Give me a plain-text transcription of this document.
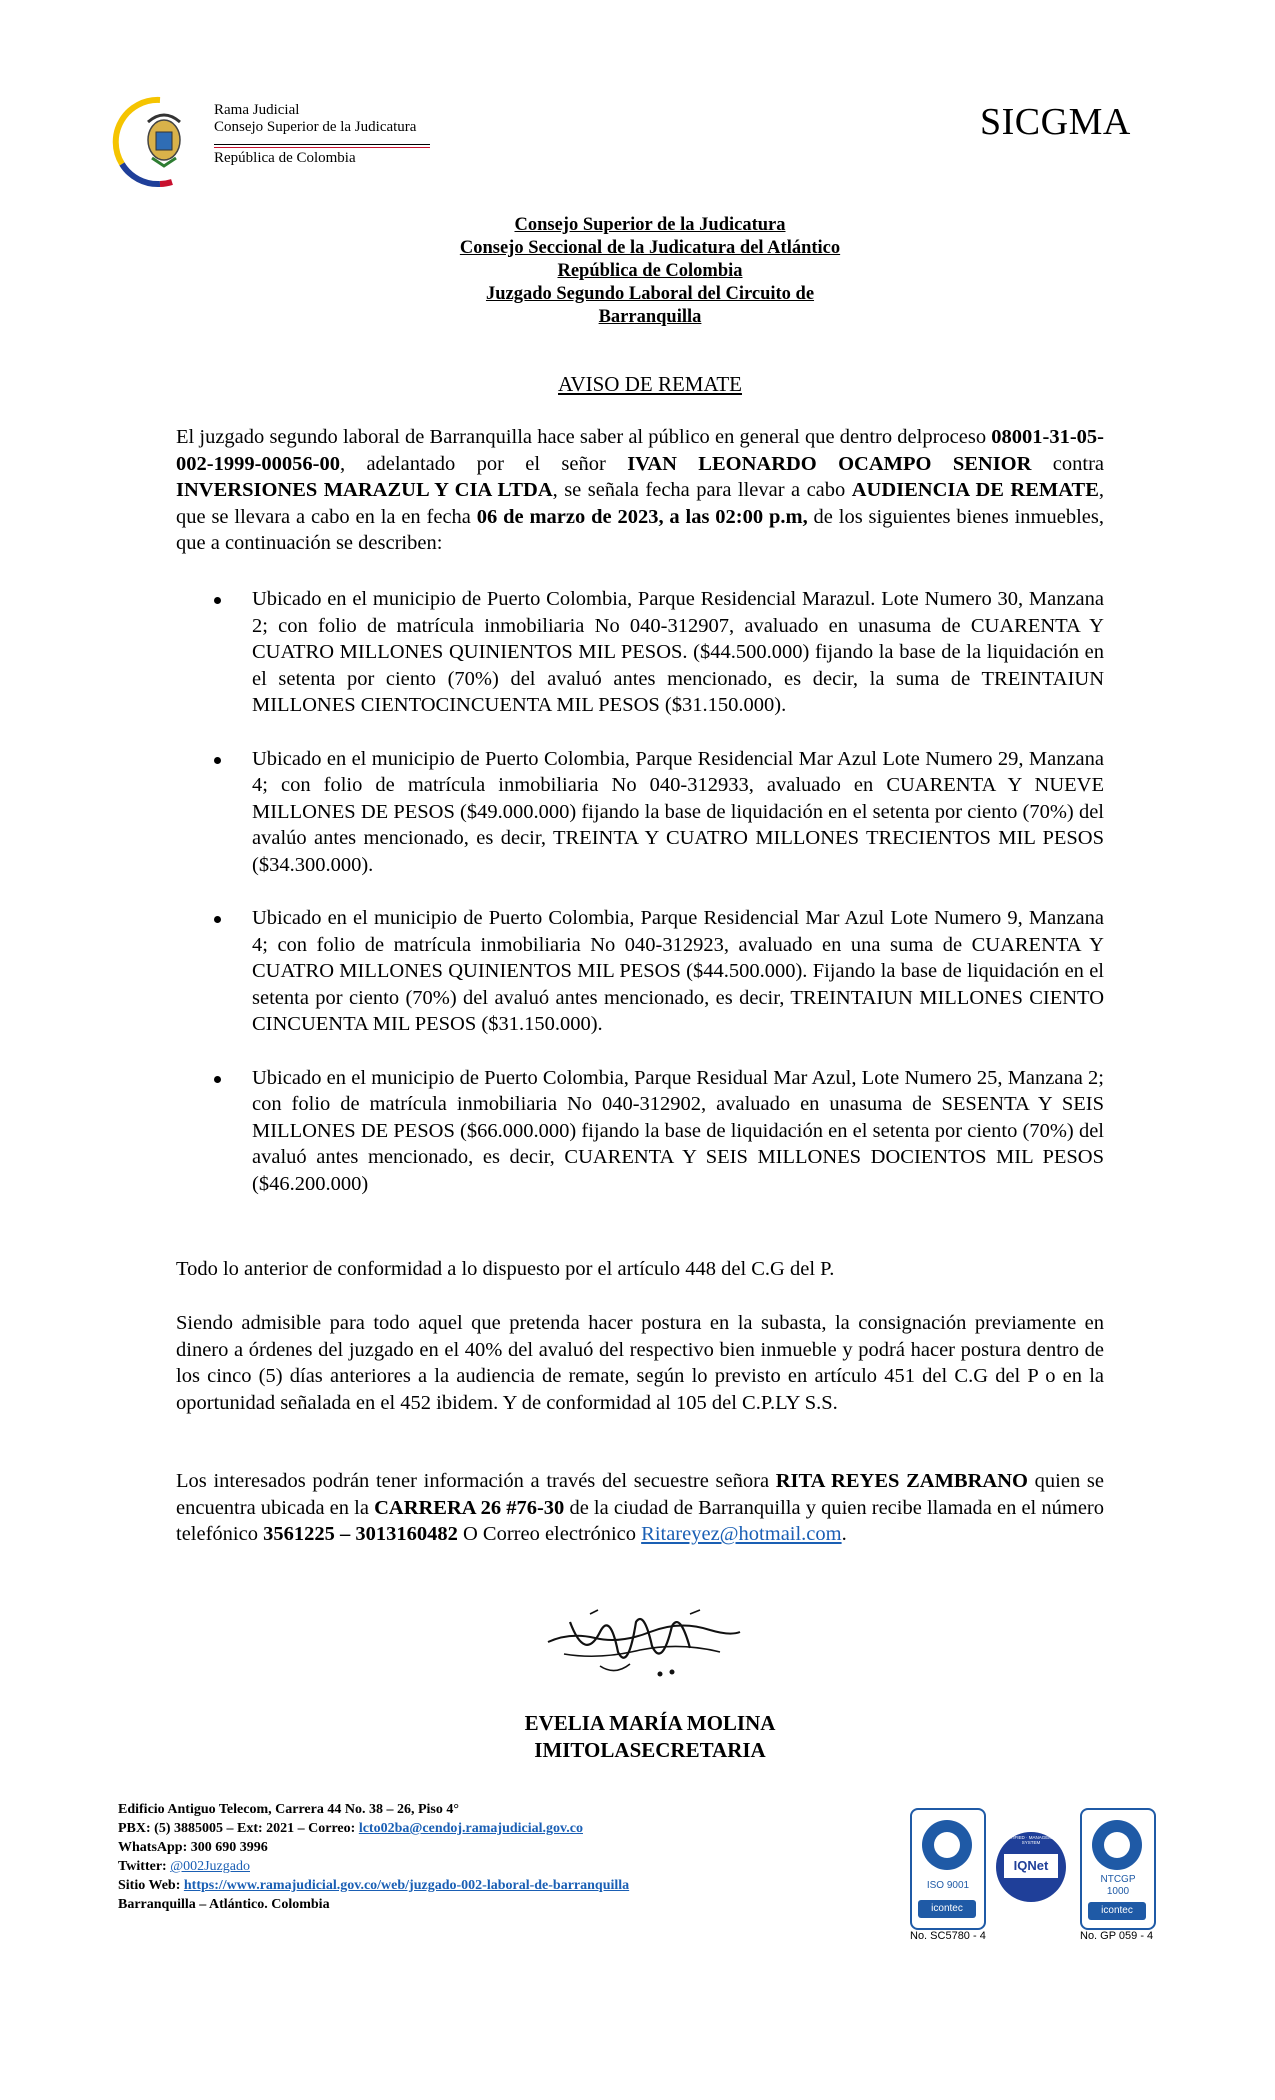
Rama Judicial
Consejo Superior de la Judicatura
República de Colombia
SICGMA
Consejo Superior de la Judicatura
Consejo Seccional de la Judicatura del Atlántico
República de Colombia
Juzgado Segundo Laboral del Circuito de
Barranquilla
AVISO DE REMATE
El juzgado segundo laboral de Barranquilla hace saber al público en general que dentro delproceso 08001-31-05-002-1999-00056-00, adelantado por el señor IVAN LEONARDO OCAMPO SENIOR contra INVERSIONES MARAZUL Y CIA LTDA, se señala fecha para llevar a cabo AUDIENCIA DE REMATE, que se llevara a cabo en la en fecha 06 de marzo de 2023, a las 02:00 p.m, de los siguientes bienes inmuebles, que a continuación se describen:
Ubicado en el municipio de Puerto Colombia, Parque Residencial Marazul. Lote Numero 30, Manzana 2; con folio de matrícula inmobiliaria No 040-312907, avaluado en unasuma de CUARENTA Y CUATRO MILLONES QUINIENTOS MIL PESOS. ($44.500.000) fijando la base de la liquidación en el setenta por ciento (70%) del avaluó antes mencionado, es decir, la suma de TREINTAIUN MILLONES CIENTOCINCUENTA MIL PESOS ($31.150.000).
Ubicado en el municipio de Puerto Colombia, Parque Residencial Mar Azul Lote Numero 29, Manzana 4; con folio de matrícula inmobiliaria No 040-312933, avaluado en CUARENTA Y NUEVE MILLONES DE PESOS ($49.000.000) fijando la base de liquidación en el setenta por ciento (70%) del avalúo antes mencionado, es decir, TREINTA Y CUATRO MILLONES TRECIENTOS MIL PESOS ($34.300.000).
Ubicado en el municipio de Puerto Colombia, Parque Residencial Mar Azul Lote Numero 9, Manzana 4; con folio de matrícula inmobiliaria No 040-312923, avaluado en una suma de CUARENTA Y CUATRO MILLONES QUINIENTOS MIL PESOS ($44.500.000). Fijando la base de liquidación en el setenta por ciento (70%) del avaluó antes mencionado, es decir, TREINTAIUN MILLONES CIENTO CINCUENTA MIL PESOS ($31.150.000).
Ubicado en el municipio de Puerto Colombia, Parque Residual Mar Azul, Lote Numero 25, Manzana 2; con folio de matrícula inmobiliaria No 040-312902, avaluado en unasuma de SESENTA Y SEIS MILLONES DE PESOS ($66.000.000) fijando la base de liquidación en el setenta por ciento (70%) del avaluó antes mencionado, es decir, CUARENTA Y SEIS MILLONES DOCIENTOS MIL PESOS ($46.200.000)
Todo lo anterior de conformidad a lo dispuesto por el artículo 448 del C.G del P.
Siendo admisible para todo aquel que pretenda hacer postura en la subasta, la consignación previamente en dinero a órdenes del juzgado en el 40% del avaluó del respectivo bien inmueble y podrá hacer postura dentro de los cinco (5) días anteriores a la audiencia de remate, según lo previsto en artículo 451 del C.G del P o en la oportunidad señalada en el 452 ibidem. Y de conformidad al 105 del C.P.LY S.S.
Los interesados podrán tener información a través del secuestre señora RITA REYES ZAMBRANO quien se encuentra ubicada en la CARRERA 26 #76-30 de la ciudad de Barranquilla y quien recibe llamada en el número telefónico 3561225 – 3013160482 O Correo electrónico Ritareyez@hotmail.com.
EVELIA MARÍA MOLINA
IMITOLASECRETARIA
Edificio Antiguo Telecom, Carrera 44 No. 38 – 26, Piso 4°
PBX: (5) 3885005 – Ext: 2021 – Correo: lcto02ba@cendoj.ramajudicial.gov.co
WhatsApp: 300 690 3996
Twitter: @002Juzgado
Sitio Web: https://www.ramajudicial.gov.co/web/juzgado-002-laboral-de-barranquilla
Barranquilla – Atlántico. Colombia
ISO 9001
icontec
No. SC5780 - 4
CERTIFIED · MANAGEMENT SYSTEM
IQNet
NTCGP
1000
icontec
No. GP 059 - 4
